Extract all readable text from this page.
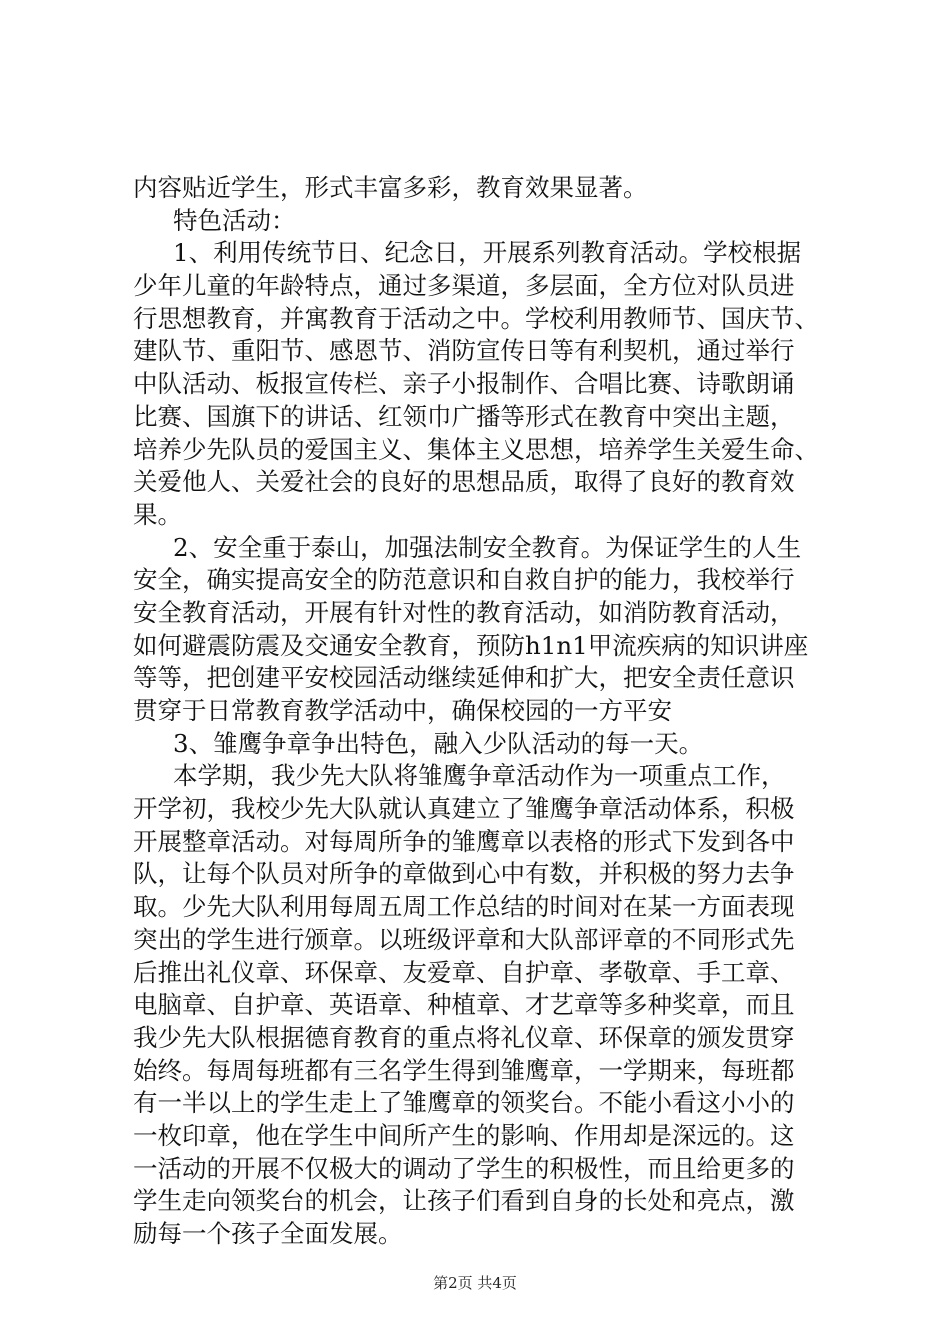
内容贴近学生，形式丰富多彩，教育效果显著。
特色活动：
1、利用传统节日、纪念日，开展系列教育活动。学校根据
少年儿童的年龄特点，通过多渠道，多层面，全方位对队员进
行思想教育，并寓教育于活动之中。学校利用教师节、国庆节、
建队节、重阳节、感恩节、消防宣传日等有利契机，通过举行
中队活动、板报宣传栏、亲子小报制作、合唱比赛、诗歌朗诵
比赛、国旗下的讲话、红领巾广播等形式在教育中突出主题，
培养少先队员的爱国主义、集体主义思想，培养学生关爱生命、
关爱他人、关爱社会的良好的思想品质，取得了良好的教育效
果。
2、安全重于泰山，加强法制安全教育。为保证学生的人生
安全，确实提高安全的防范意识和自救自护的能力，我校举行
安全教育活动，开展有针对性的教育活动，如消防教育活动，
如何避震防震及交通安全教育，预防h1n1甲流疾病的知识讲座
等等，把创建平安校园活动继续延伸和扩大，把安全责任意识
贯穿于日常教育教学活动中，确保校园的一方平安
3、雏鹰争章争出特色，融入少队活动的每一天。
本学期，我少先大队将雏鹰争章活动作为一项重点工作，
开学初，我校少先大队就认真建立了雏鹰争章活动体系，积极
开展整章活动。对每周所争的雏鹰章以表格的形式下发到各中
队，让每个队员对所争的章做到心中有数，并积极的努力去争
取。少先大队利用每周五周工作总结的时间对在某一方面表现
突出的学生进行颁章。以班级评章和大队部评章的不同形式先
后推出礼仪章、环保章、友爱章、自护章、孝敬章、手工章、
电脑章、自护章、英语章、种植章、才艺章等多种奖章，而且
我少先大队根据德育教育的重点将礼仪章、环保章的颁发贯穿
始终。每周每班都有三名学生得到雏鹰章，一学期来，每班都
有一半以上的学生走上了雏鹰章的领奖台。不能小看这小小的
一枚印章，他在学生中间所产生的影响、作用却是深远的。这
一活动的开展不仅极大的调动了学生的积极性，而且给更多的
学生走向领奖台的机会，让孩子们看到自身的长处和亮点，激
励每一个孩子全面发展。
第2页 共4页
